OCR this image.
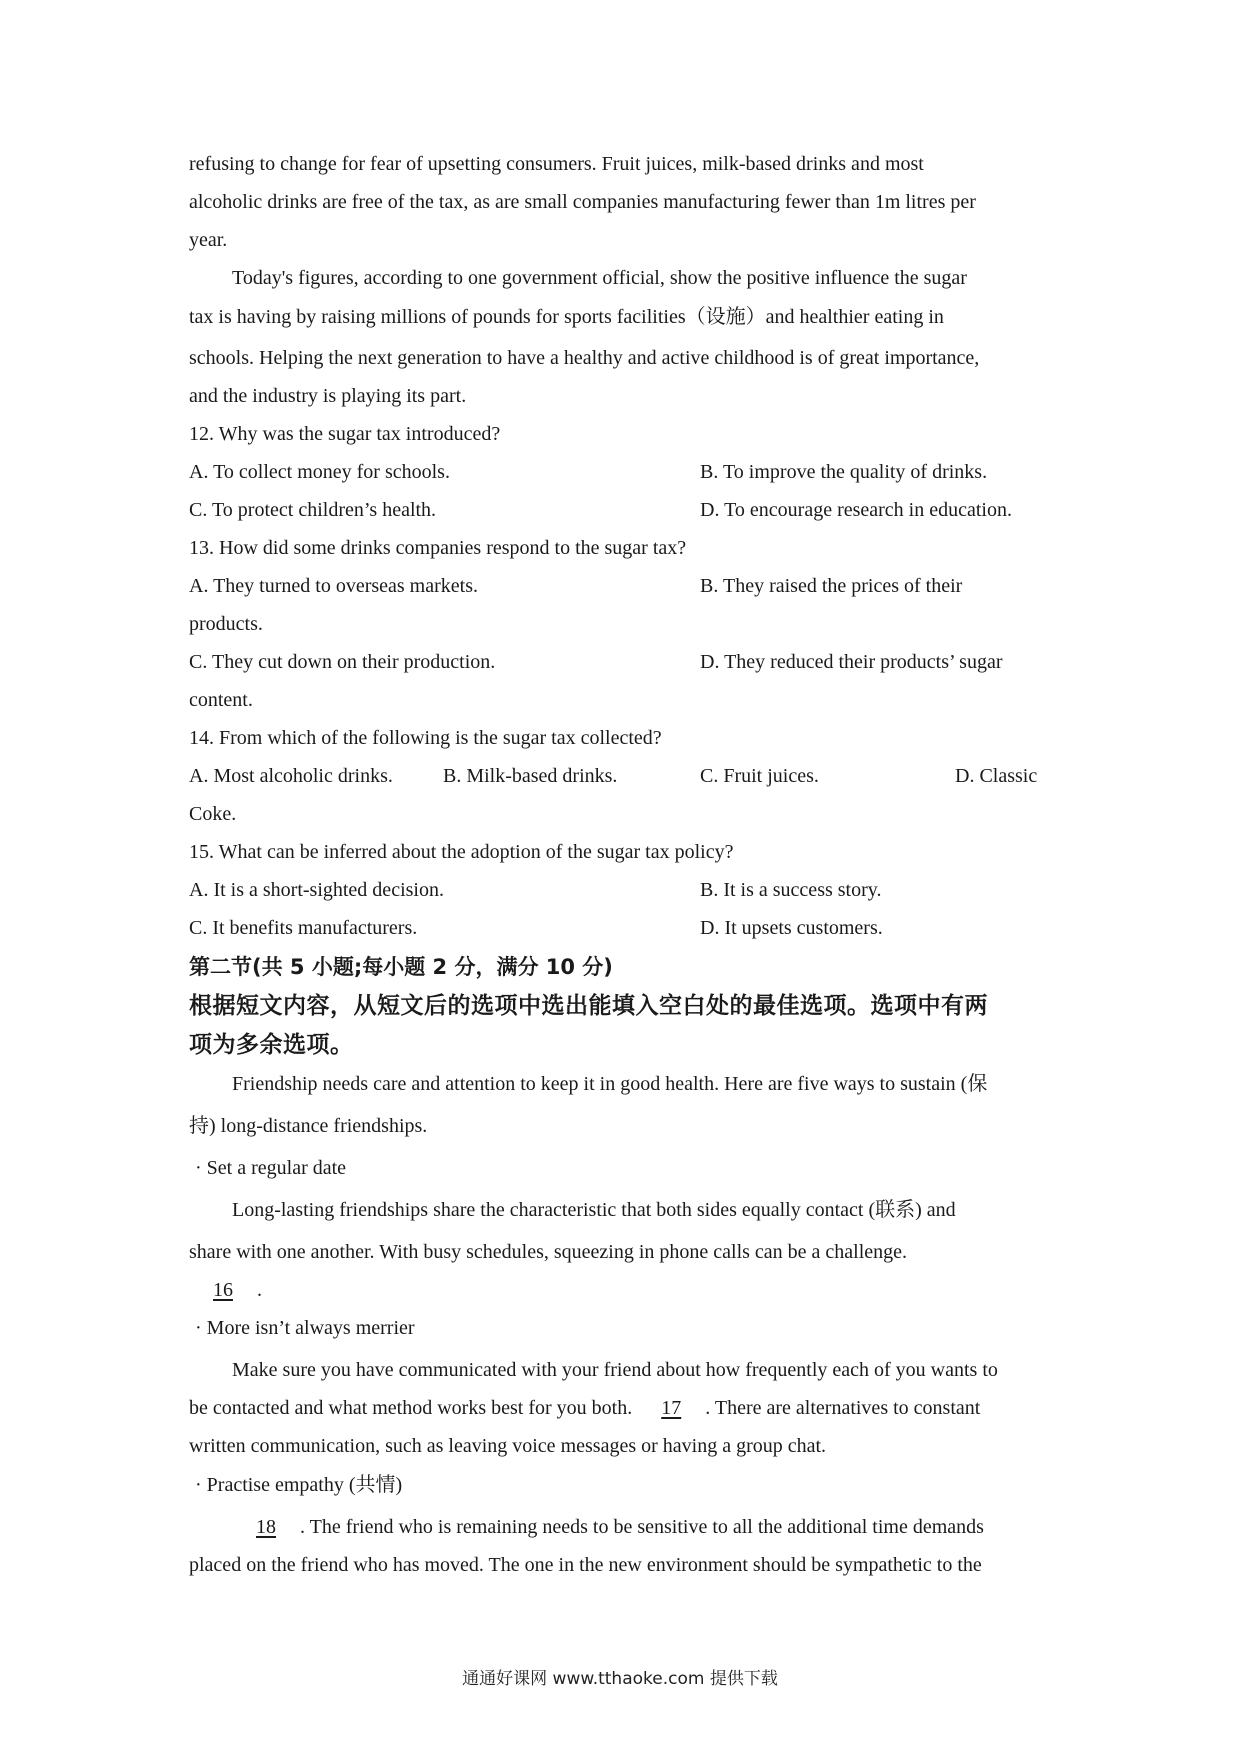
refusing to change for fear of upsetting consumers. Fruit juices, milk-based drinks and most
alcoholic drinks are free of the tax, as are small companies manufacturing fewer than 1m litres per
year.
Today's figures, according to one government official, show the positive influence the sugar
tax is having by raising millions of pounds for sports facilities（设施）and healthier eating in
schools. Helping the next generation to have a healthy and active childhood is of great importance,
and the industry is playing its part.
12. Why was the sugar tax introduced?
A. To collect money for schools.	B. To improve the quality of drinks.
C. To protect children’s health.	D. To encourage research in education.
13. How did some drinks companies respond to the sugar tax?
A. They turned to overseas markets.	B. They raised the prices of their
products.
C. They cut down on their production.	D. They reduced their products’ sugar
content.
14. From which of the following is the sugar tax collected?
A. Most alcoholic drinks.	B. Milk-based drinks.	C. Fruit juices.	D. Classic
Coke.
15. What can be inferred about the adoption of the sugar tax policy?
A. It is a short-sighted decision.	B. It is a success story.
C. It benefits manufacturers.	D. It upsets customers.
第二节(共 5 小题;每小题 2 分，满分 10 分)
根据短文内容，从短文后的选项中选出能填入空白处的最佳选项。选项中有两
项为多余选项。
Friendship needs care and attention to keep it in good health. Here are five ways to sustain (保
持) long-distance friendships.
· Set a regular date
Long-lasting friendships share the characteristic that both sides equally contact (联系) and
share with one another. With busy schedules, squeezing in phone calls can be a challenge.
16 .
· More isn’t always merrier
Make sure you have communicated with your friend about how frequently each of you wants to
be contacted and what method works best for you both. 17 . There are alternatives to constant
written communication, such as leaving voice messages or having a group chat.
· Practise empathy (共情)
18 . The friend who is remaining needs to be sensitive to all the additional time demands
placed on the friend who has moved. The one in the new environment should be sympathetic to the
通通好课网 www.tthaoke.com 提供下载
